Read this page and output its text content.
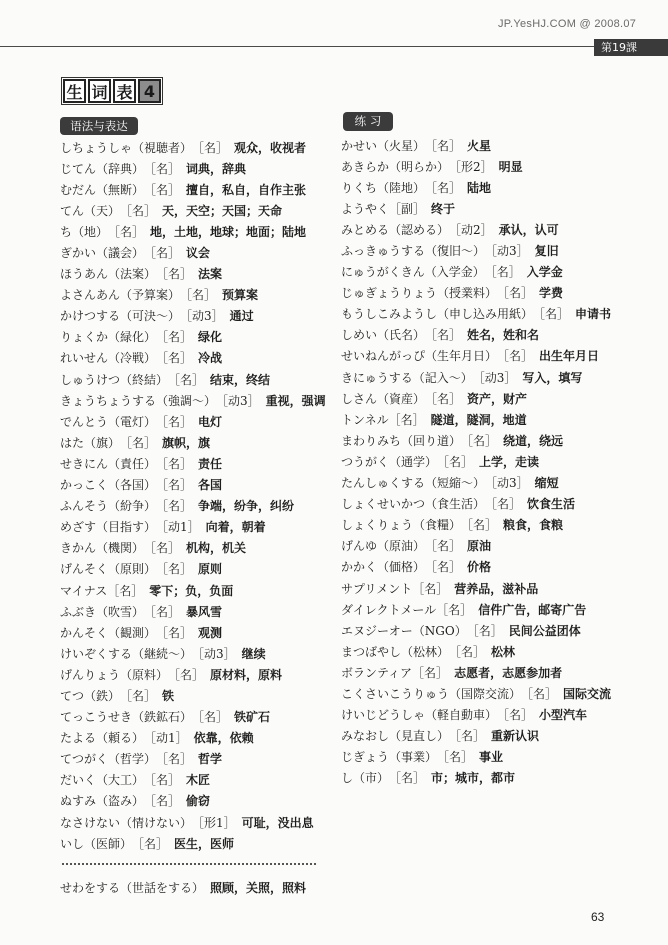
JP.YesHJ.COM @ 2008.07
第19課
生 词 表 4
语法与表达
しちょうしゃ （視聴者） ［名］ 观众，收视者
じてん （辞典） ［名］ 词典，辞典
むだん （無断） ［名］ 擅自，私自，自作主张
てん （天） ［名］ 天，天空；天国；天命
ち （地） ［名］ 地，土地，地球；地面；陆地
ぎかい （議会） ［名］ 议会
ほうあん （法案） ［名］ 法案
よさんあん （予算案） ［名］ 预算案
かけつする （可決～） ［动3］ 通过
りょくか （緑化） ［名］ 绿化
れいせん （冷戦） ［名］ 冷战
しゅうけつ （終結） ［名］ 结束，终结
きょうちょうする （強調～） ［动3］ 重视，强调
でんとう （電灯） ［名］ 电灯
はた （旗） ［名］ 旗帜，旗
せきにん （責任） ［名］ 责任
かっこく （各国） ［名］ 各国
ふんそう （紛争） ［名］ 争端，纷争，纠纷
めざす （目指す） ［动1］ 向着，朝着
きかん （機関） ［名］ 机构，机关
げんそく （原則） ［名］ 原则
マイナス ［名］ 零下；负，负面
ふぶき （吹雪） ［名］ 暴风雪
かんそく （観測） ［名］ 观测
けいぞくする （継続～） ［动3］ 继续
げんりょう （原料） ［名］ 原材料，原料
てつ （鉄） ［名］ 铁
てっこうせき （鉄鉱石） ［名］ 铁矿石
たよる （頼る） ［动1］ 依靠，依赖
てつがく （哲学） ［名］ 哲学
だいく （大工） ［名］ 木匠
ぬすみ （盗み） ［名］ 偷窃
なさけない （情けない） ［形1］ 可耻，没出息
いし （医師） ［名］ 医生，医师
せわをする （世話をする） 照顾，关照，照料
练 习
かせい （火星） ［名］ 火星
あきらか （明らか） ［形2］ 明显
りくち （陸地） ［名］ 陆地
ようやく ［副］ 终于
みとめる （認める） ［动2］ 承认，认可
ふっきゅうする （復旧～） ［动3］ 复旧
にゅうがくきん （入学金） ［名］ 入学金
じゅぎょうりょう （授業料） ［名］ 学费
もうしこみようし （申し込み用紙） ［名］ 申请书
しめい （氏名） ［名］ 姓名，姓和名
せいねんがっぴ （生年月日） ［名］ 出生年月日
きにゅうする （記入～） ［动3］ 写入，填写
しさん （資産） ［名］ 资产，财产
トンネル ［名］ 隧道，隧洞，地道
まわりみち （回り道） ［名］ 绕道，绕远
つうがく （通学） ［名］ 上学，走读
たんしゅくする （短縮～） ［动3］ 缩短
しょくせいかつ （食生活） ［名］ 饮食生活
しょくりょう （食糧） ［名］ 粮食，食粮
げんゆ （原油） ［名］ 原油
かかく （価格） ［名］ 价格
サプリメント ［名］ 营养品，滋补品
ダイレクトメール ［名］ 信件广告，邮寄广告
エヌジーオー （NGO） ［名］ 民间公益团体
まつばやし （松林） ［名］ 松林
ボランティア ［名］ 志愿者，志愿参加者
こくさいこうりゅう （国際交流） ［名］ 国际交流
けいじどうしゃ （軽自動車） ［名］ 小型汽车
みなおし （見直し） ［名］ 重新认识
じぎょう （事業） ［名］ 事业
し （市） ［名］ 市；城市，都市
63
